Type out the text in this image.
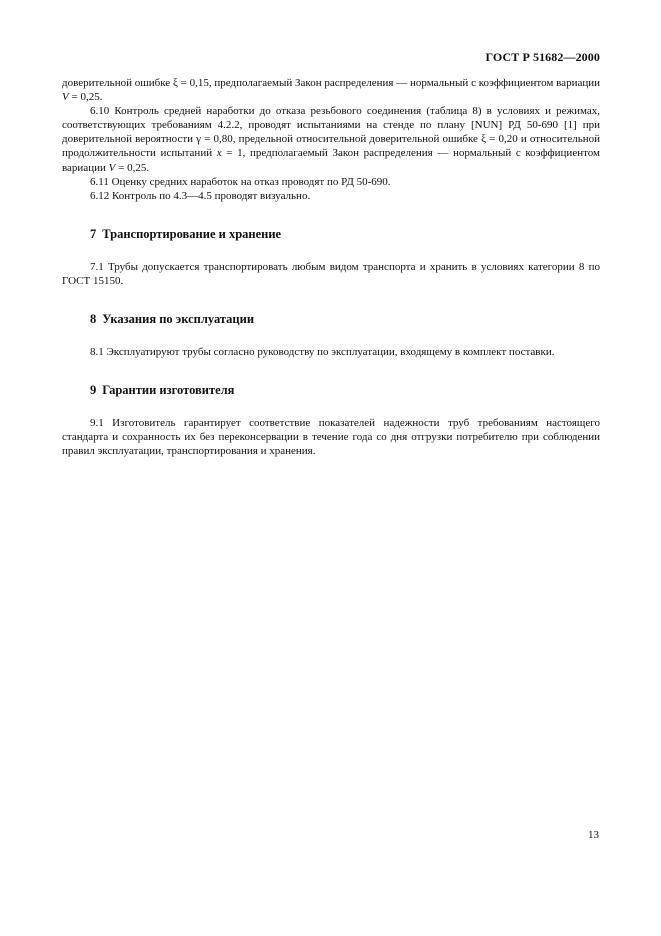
ГОСТ Р 51682—2000

доверительной ошибке ξ = 0,15, предполагаемый Закон распределения — нормальный с коэффициентом вариации V = 0,25.

6.10 Контроль средней наработки до отказа резьбового соединения (таблица 8) в условиях и режимах, соответствующих требованиям 4.2.2, проводят испытаниями на стенде по плану [NUN] РД 50-690 [1] при доверительной вероятности γ = 0,80, предельной относительной доверительной ошибке ξ = 0,20 и относительной продолжительности испытаний x = 1, предполагаемый Закон распределения — нормальный с коэффициентом вариации V = 0,25.

6.11 Оценку средних наработок на отказ проводят по РД 50-690.

6.12 Контроль по 4.3—4.5 проводят визуально.

7 Транспортирование и хранение

7.1 Трубы допускается транспортировать любым видом транспорта и хранить в условиях категории 8 по ГОСТ 15150.

8 Указания по эксплуатации

8.1 Эксплуатируют трубы согласно руководству по эксплуатации, входящему в комплект поставки.

9 Гарантии изготовителя

9.1 Изготовитель гарантирует соответствие показателей надежности труб требованиям настоящего стандарта и сохранность их без переконсервации в течение года со дня отгрузки потребителю при соблюдении правил эксплуатации, транспортирования и хранения.

13
